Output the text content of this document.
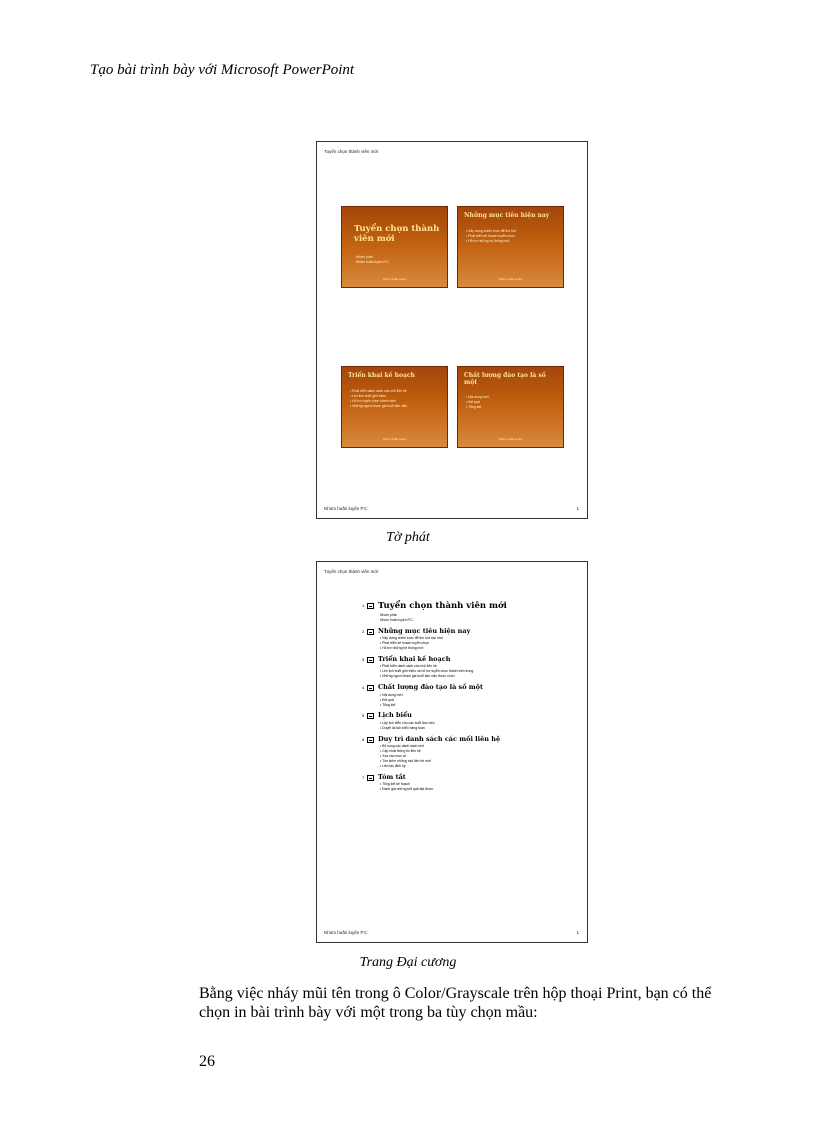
Tạo bài trình bày với Microsoft PowerPoint
Tuyển chọn thành viên mới
Tuyển chọn thành viên mới
Nhóm phát
Nhóm huấn luyện P.C.
Nhóm huấn luyện
Những mục tiêu hiện nay
• Xây dựng chiến lược để thu hút
• Phát triển kế hoạch tuyển chọn
• Hỗ trợ những hệ thống mới
Nhóm huấn luyện
Triển khai kế hoạch
• Phát triển danh sách các mối liên hệ
• Lên lịch buổi giới thiệu
• Hỗ trợ tuyển chọn thành viên
• Những người tham gia buổi làm việc
Nhóm huấn luyện
Chất lượng đào tạo là số một
• Nội dung mới
• Kết quả
• Tổng kết
Nhóm huấn luyện
Nhóm huấn luyện P.C.	1
Tờ phát
Tuyển chọn thành viên mới
1 Tuyển chọn thành viên mới
Nhóm phát
Nhóm huấn luyện P.C.
2 Những mục tiêu hiện nay
• Xây dựng chiến lược để thu hút các nhà
• Phát triển kế hoạch tuyển chọn
• Hỗ trợ những hệ thống mới
3 Triển khai kế hoạch
• Phát triển danh sách các mối liên hệ
• Lên lịch buổi giới thiệu và hỗ trợ tuyển chọn thành viên trong
• Những người tham gia buổi làm việc được chọn
4 Chất lượng đào tạo là số một
• Nội dung mới
• Kết quả
• Tổng kết
5 Lịch biểu
• Lập lịch biểu cho các buổi làm việc
• Duyệt lại lịch biểu hàng tuần
6 Duy trì danh sách các mối liên hệ
• Bổ sung các danh sách mới
• Cập nhật thông tin liên hệ
• Xóa các mục cũ
• Tìm kiếm những mối liên hệ mới
• Liên lạc định kỳ
7 Tóm tắt
• Tổng kết kế hoạch
• Đánh giá những kết quả đạt được
Nhóm huấn luyện P.C.	1
Trang Đại cương
Bằng việc nháy mũi tên trong ô Color/Grayscale trên hộp thoại Print, bạn có thể chọn in bài trình bày với một trong ba tùy chọn mầu:
26
